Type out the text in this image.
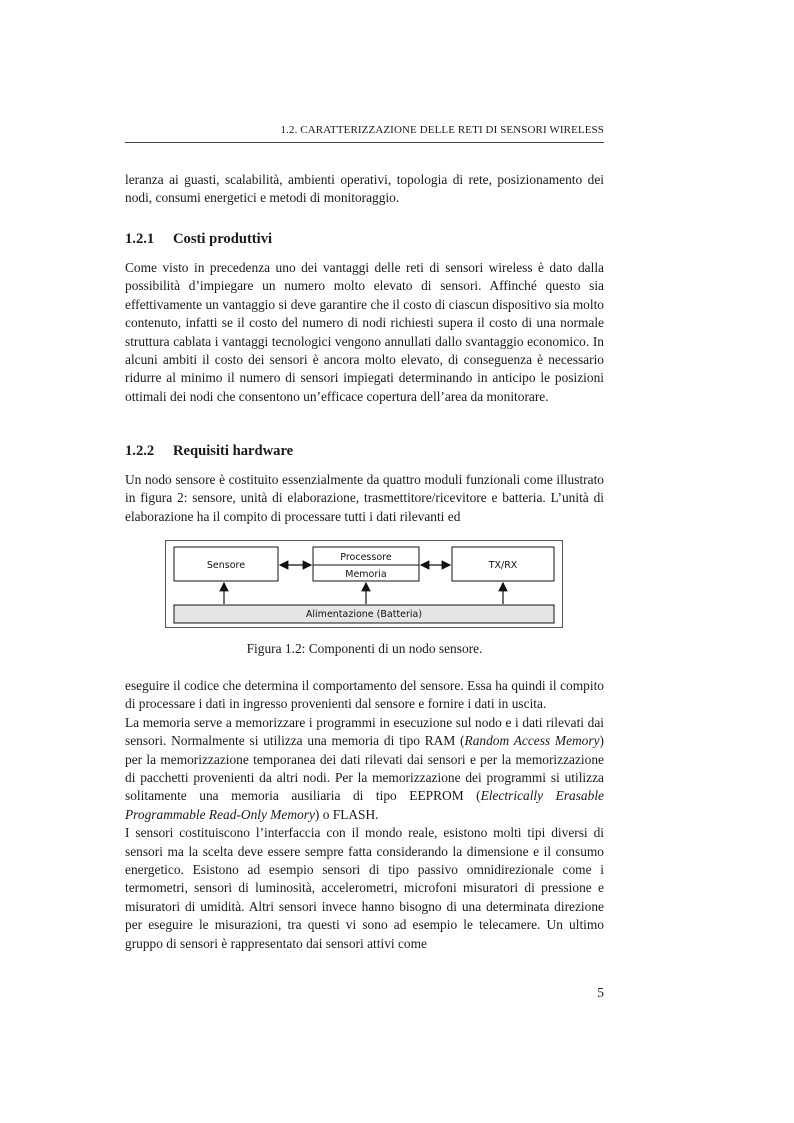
1.2. CARATTERIZZAZIONE DELLE RETI DI SENSORI WIRELESS

leranza ai guasti, scalabilità, ambienti operativi, topologia di rete, posizionamento dei nodi, consumi energetici e metodi di monitoraggio.

1.2.1 Costi produttivi

Come visto in precedenza uno dei vantaggi delle reti di sensori wireless è dato dalla possibilità d’impiegare un numero molto elevato di sensori. Affinché questo sia effettivamente un vantaggio si deve garantire che il costo di ciascun dispositivo sia molto contenuto, infatti se il costo del numero di nodi richiesti supera il costo di una normale struttura cablata i vantaggi tecnologici vengono annullati dallo svantaggio economico. In alcuni ambiti il costo dei sensori è ancora molto elevato, di conseguenza è necessario ridurre al minimo il numero di sensori impiegati determinando in anticipo le posizioni ottimali dei nodi che consentono un’efficace copertura dell’area da monitorare.

1.2.2 Requisiti hardware

Un nodo sensore è costituito essenzialmente da quattro moduli funzionali come illustrato in figura 2: sensore, unità di elaborazione, trasmettitore/ricevitore e batteria. L’unità di elaborazione ha il compito di processare tutti i dati rilevanti ed

Sensore
Processore
Memoria
TX/RX
Alimentazione (Batteria)
Figura 1.2: Componenti di un nodo sensore.

eseguire il codice che determina il comportamento del sensore. Essa ha quindi il compito di processare i dati in ingresso provenienti dal sensore e fornire i dati in uscita.

La memoria serve a memorizzare i programmi in esecuzione sul nodo e i dati rilevati dai sensori. Normalmente si utilizza una memoria di tipo RAM (Random Access Memory) per la memorizzazione temporanea dei dati rilevati dai sensori e per la memorizzazione di pacchetti provenienti da altri nodi. Per la memorizzazione dei programmi si utilizza solitamente una memoria ausiliaria di tipo EEPROM (Electrically Erasable Programmable Read-Only Memory) o FLASH.

I sensori costituiscono l’interfaccia con il mondo reale, esistono molti tipi diversi di sensori ma la scelta deve essere sempre fatta considerando la dimensione e il consumo energetico. Esistono ad esempio sensori di tipo passivo omnidirezionale come i termometri, sensori di luminosità, accelerometri, microfoni misuratori di pressione e misuratori di umidità. Altri sensori invece hanno bisogno di una determinata direzione per eseguire le misurazioni, tra questi vi sono ad esempio le telecamere. Un ultimo gruppo di sensori è rappresentato dai sensori attivi come

5
